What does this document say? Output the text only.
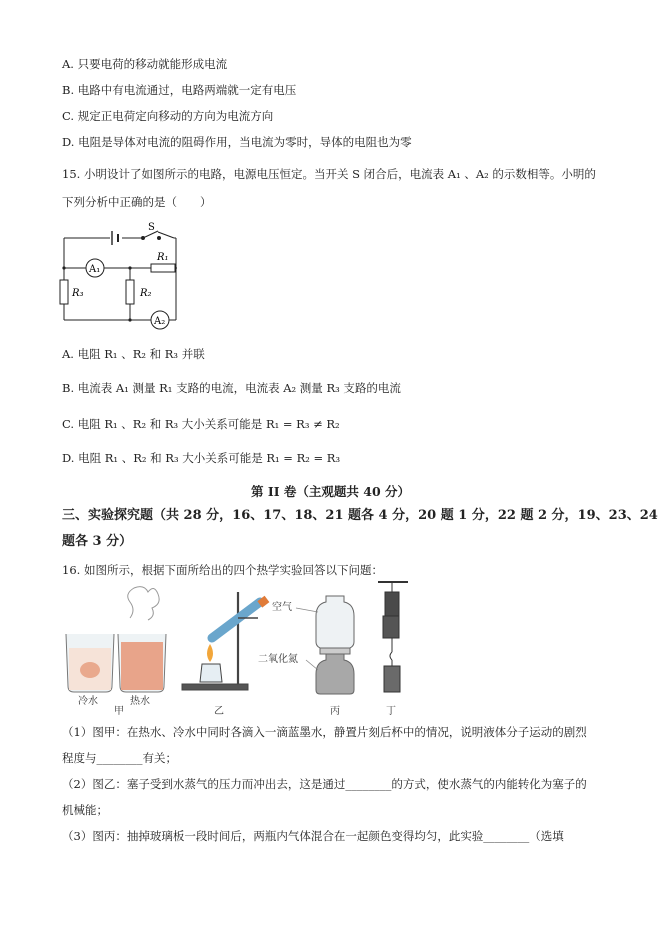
A. 只要电荷的移动就能形成电流
B. 电路中有电流通过，电路两端就一定有电压
C. 规定正电荷定向移动的方向为电流方向
D. 电阻是导体对电流的阻碍作用，当电流为零时，导体的电阻也为零
15. 小明设计了如图所示的电路，电源电压恒定。当开关 S 闭合后，电流表 A₁ 、A₂ 的示数相等。小明的
下列分析中正确的是（　　）
S
A₁
A₂
R₁
R₂
R₃
A. 电阻 R₁ 、R₂ 和 R₃ 并联
B. 电流表 A₁ 测量 R₁ 支路的电流，电流表 A₂ 测量 R₃ 支路的电流
C. 电阻 R₁ 、R₂ 和 R₃ 大小关系可能是 R₁ = R₃ ≠ R₂
D. 电阻 R₁ 、R₂ 和 R₃ 大小关系可能是 R₁ = R₂ = R₃
第 II 卷（主观题共 40 分）
三、实验探究题（共 28 分，16、17、18、21 题各 4 分，20 题 1 分，22 题 2 分，19、23、24
题各 3 分）
16. 如图所示，根据下面所给出的四个热学实验回答以下问题：
冷水	热水
甲	乙
空气
二氧化氮
丙	丁
（1）图甲：在热水、冷水中同时各滴入一滴蓝墨水，静置片刻后杯中的情况，说明液体分子运动的剧烈
程度与________有关；
（2）图乙：塞子受到水蒸气的压力而冲出去，这是通过________的方式，使水蒸气的内能转化为塞子的
机械能；
（3）图丙：抽掉玻璃板一段时间后，两瓶内气体混合在一起颜色变得均匀，此实验________（选填
